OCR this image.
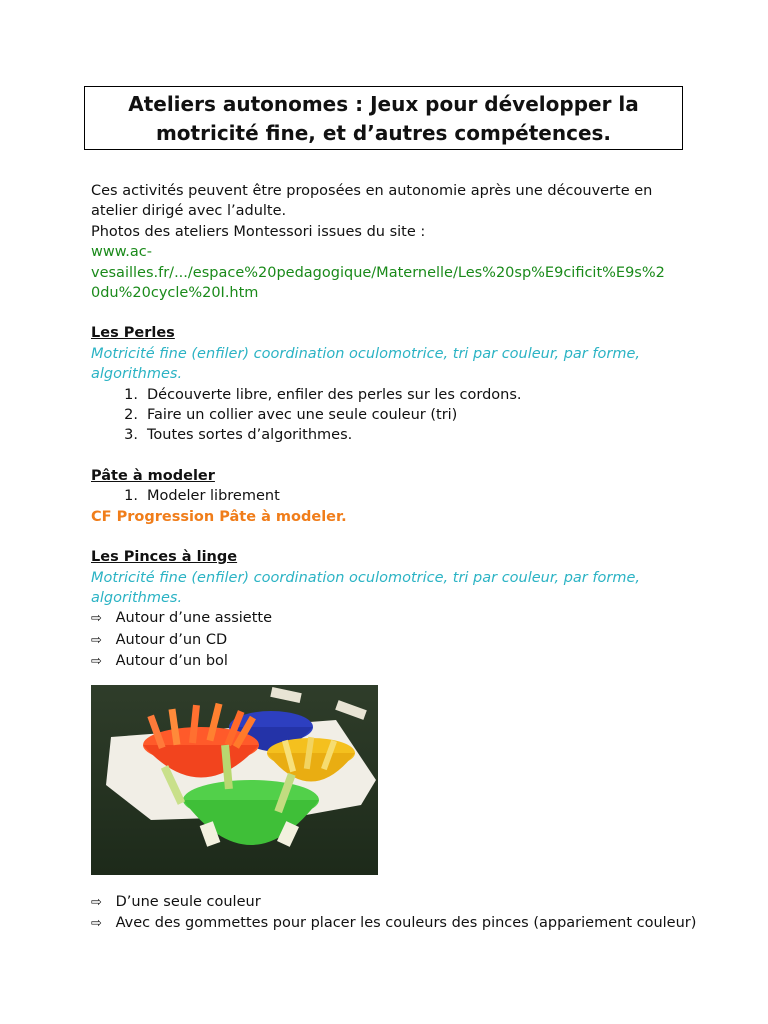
Ateliers autonomes : Jeux pour développer la
motricité fine, et d’autres compétences.
Ces activités peuvent être proposées en autonomie après une découverte en
atelier dirigé avec l’adulte.
Photos des ateliers Montessori issues du site :
www.ac-
vesailles.fr/.../espace%20pedagogique/Maternelle/Les%20sp%E9cificit%E9s%2
0du%20cycle%20I.htm
Les Perles
Motricité fine (enfiler) coordination oculomotrice, tri par couleur, par forme,
algorithmes.
1. Découverte libre, enfiler des perles sur les cordons.
2. Faire un collier avec une seule couleur (tri)
3. Toutes sortes d’algorithmes.
Pâte à modeler
1. Modeler librement
CF Progression Pâte à modeler.
Les Pinces à linge
Motricité fine (enfiler) coordination oculomotrice, tri par couleur, par forme,
algorithmes.
⇨ Autour d’une assiette
⇨ Autour d’un CD
⇨ Autour d’un bol
⇨ D’une seule couleur
⇨ Avec des gommettes pour placer les couleurs des pinces (appariement couleur)
